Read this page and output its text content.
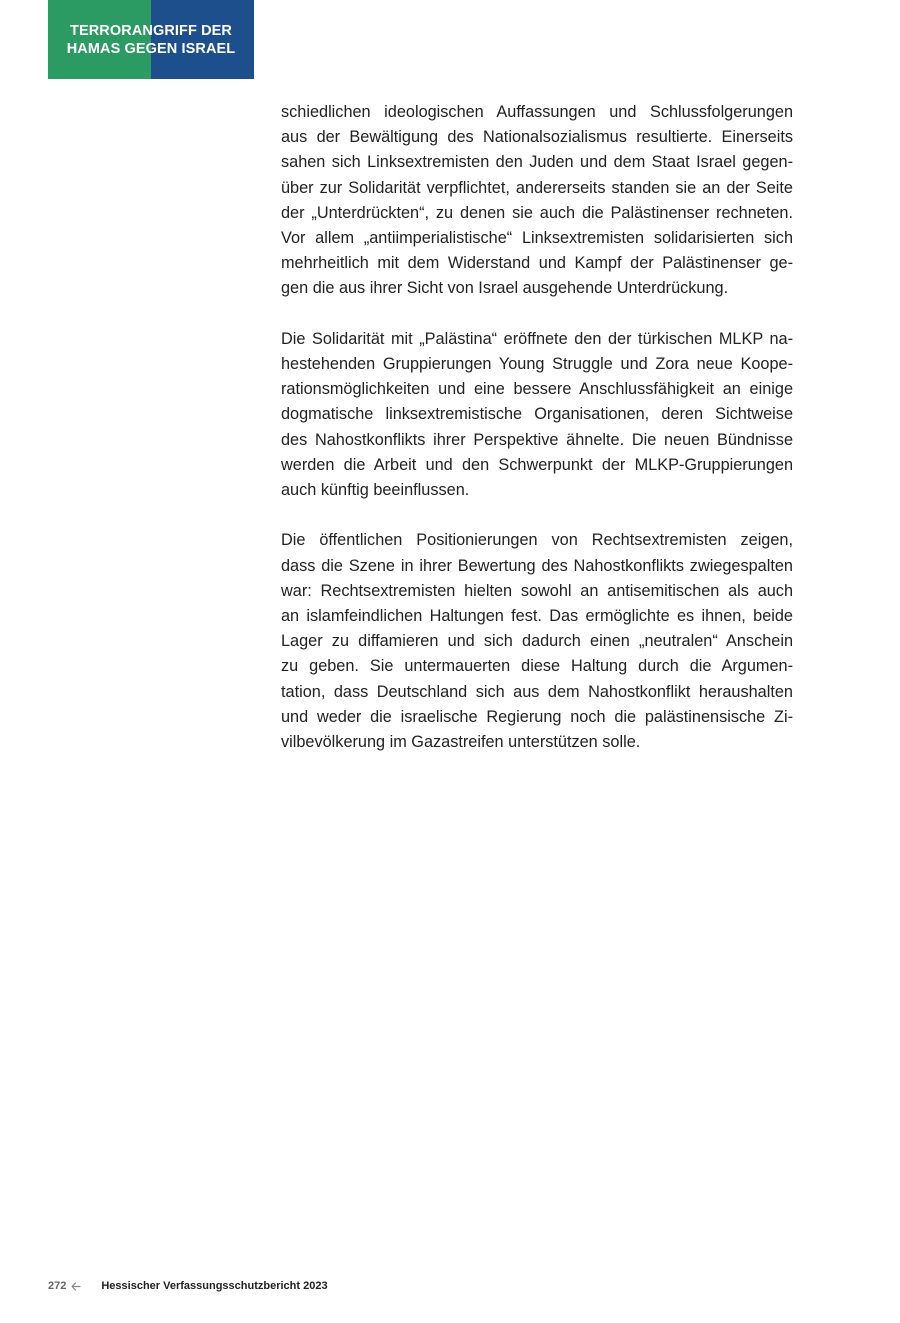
TERRORANGRIFF DER
HAMAS GEGEN ISRAEL
schiedlichen ideologischen Auffassungen und Schlussfolgerungen
aus der Bewältigung des Nationalsozialismus resultierte. Einerseits
sahen sich Linksextremisten den Juden und dem Staat Israel gegen-
über zur Solidarität verpflichtet, andererseits standen sie an der Seite
der „Unterdrückten“, zu denen sie auch die Palästinenser rechneten.
Vor allem „antiimperialistische“ Linksextremisten solidarisierten sich
mehrheitlich mit dem Widerstand und Kampf der Palästinenser ge-
gen die aus ihrer Sicht von Israel ausgehende Unterdrückung.
Die Solidarität mit „Palästina“ eröffnete den der türkischen MLKP na-
hestehenden Gruppierungen Young Struggle und Zora neue Koope-
rationsmöglichkeiten und eine bessere Anschlussfähigkeit an einige
dogmatische linksextremistische Organisationen, deren Sichtweise
des Nahostkonflikts ihrer Perspektive ähnelte. Die neuen Bündnisse
werden die Arbeit und den Schwerpunkt der MLKP-Gruppierungen
auch künftig beeinflussen.
Die öffentlichen Positionierungen von Rechtsextremisten zeigen,
dass die Szene in ihrer Bewertung des Nahostkonflikts zwiegespalten
war: Rechtsextremisten hielten sowohl an antisemitischen als auch
an islamfeindlichen Haltungen fest. Das ermöglichte es ihnen, beide
Lager zu diffamieren und sich dadurch einen „neutralen“ Anschein
zu geben. Sie untermauerten diese Haltung durch die Argumen-
tation, dass Deutschland sich aus dem Nahostkonflikt heraushalten
und weder die israelische Regierung noch die palästinensische Zi-
vilbevölkerung im Gazastreifen unterstützen solle.
272	Hessischer Verfassungsschutzbericht 2023
